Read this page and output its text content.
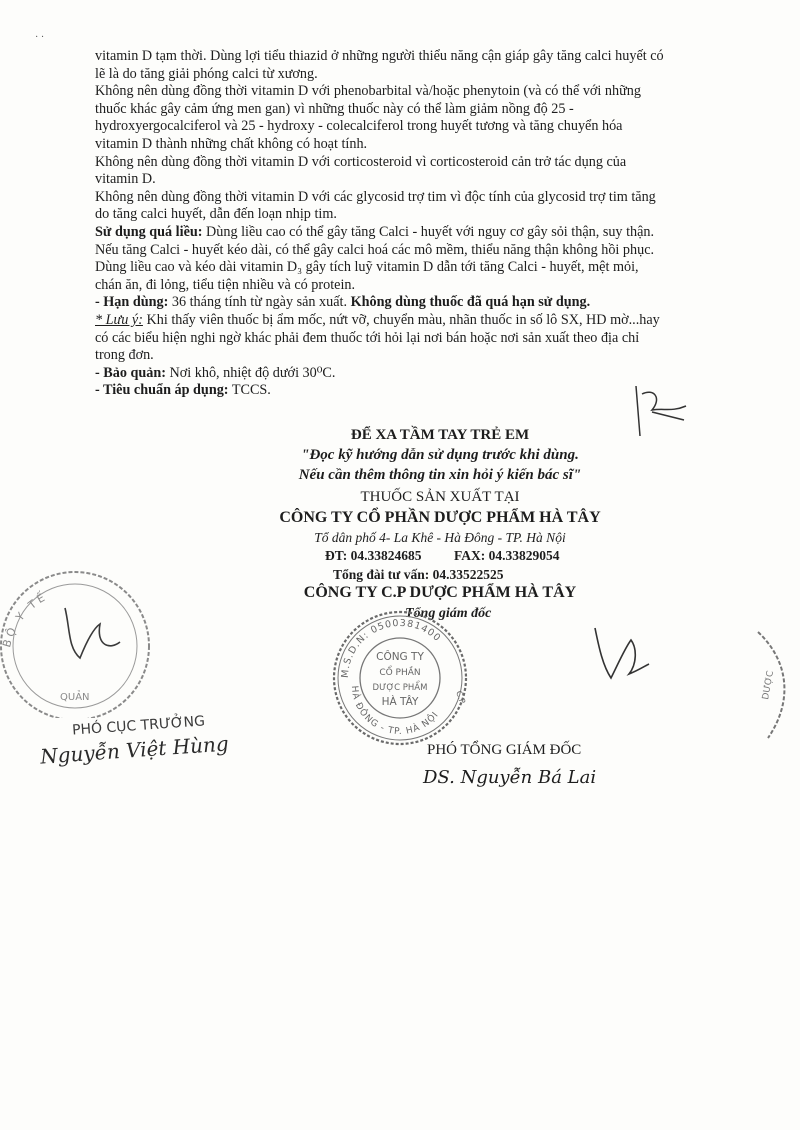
· ·
vitamin D tạm thời. Dùng lợi tiểu thiazid ở những người thiểu năng cận giáp gây tăng calci huyết có
lẽ là do tăng giải phóng calci từ xương.
Không nên dùng đồng thời vitamin D với phenobarbital và/hoặc phenytoin (và có thể với những
thuốc khác gây cảm ứng men gan) vì những thuốc này có thể làm giảm nồng độ 25 -
hydroxyergocalciferol và 25 - hydroxy - colecalciferol trong huyết tương và tăng chuyển hóa
vitamin D thành những chất không có hoạt tính.
Không nên dùng đồng thời vitamin D với corticosteroid vì corticosteroid cản trở tác dụng của
vitamin D.
Không nên dùng đồng thời vitamin D với các glycosid trợ tim vì độc tính của glycosid trợ tim tăng
do tăng calci huyết, dẫn đến loạn nhịp tim.
Sử dụng quá liều: Dùng liều cao có thể gây tăng Calci - huyết với nguy cơ gây sỏi thận, suy thận.
Nếu tăng Calci - huyết kéo dài, có thể gây calci hoá các mô mềm, thiểu năng thận không hồi phục.
Dùng liều cao và kéo dài vitamin D₃ gây tích luỹ vitamin D dẫn tới tăng Calci - huyết, mệt mỏi,
chán ăn, đi lỏng, tiểu tiện nhiều và có protein.
- Hạn dùng: 36 tháng tính từ ngày sản xuất. Không dùng thuốc đã quá hạn sử dụng.
* Lưu ý: Khi thấy viên thuốc bị ẩm mốc, nứt vỡ, chuyển màu, nhãn thuốc in số lô SX, HD mờ...hay
có các biểu hiện nghi ngờ khác phải đem thuốc tới hỏi lại nơi bán hoặc nơi sản xuất theo địa chỉ
trong đơn.
- Bảo quản: Nơi khô, nhiệt độ dưới 30⁰C.
- Tiêu chuẩn áp dụng: TCCS.
ĐỂ XA TẦM TAY TRẺ EM
"Đọc kỹ hướng dẫn sử dụng trước khi dùng.
Nếu cần thêm thông tin xin hỏi ý kiến bác sĩ"
THUỐC SẢN XUẤT TẠI
CÔNG TY CỔ PHẦN DƯỢC PHẨM HÀ TÂY
Tổ dân phố 4- La Khê - Hà Đông - TP. Hà Nội
ĐT: 04.33824685 FAX: 04.33829054
Tổng đài tư vấn: 04.33522525
CÔNG TY C.P DƯỢC PHẨM HÀ TÂY
Tổng giám đốc
M.S.D.N: 0500381400
HÀ ĐÔNG - TP. HÀ NỘI
C.P
CÔNG TY
CỔ PHẦN
DƯỢC PHẨM
HÀ TÂY
PHÓ TỔNG GIÁM ĐỐC
DS. Nguyễn Bá Lai
BỘ Y TẾ
QUẢN
PHÓ CỤC TRƯỞNG
Nguyễn Việt Hùng
DƯỢC
